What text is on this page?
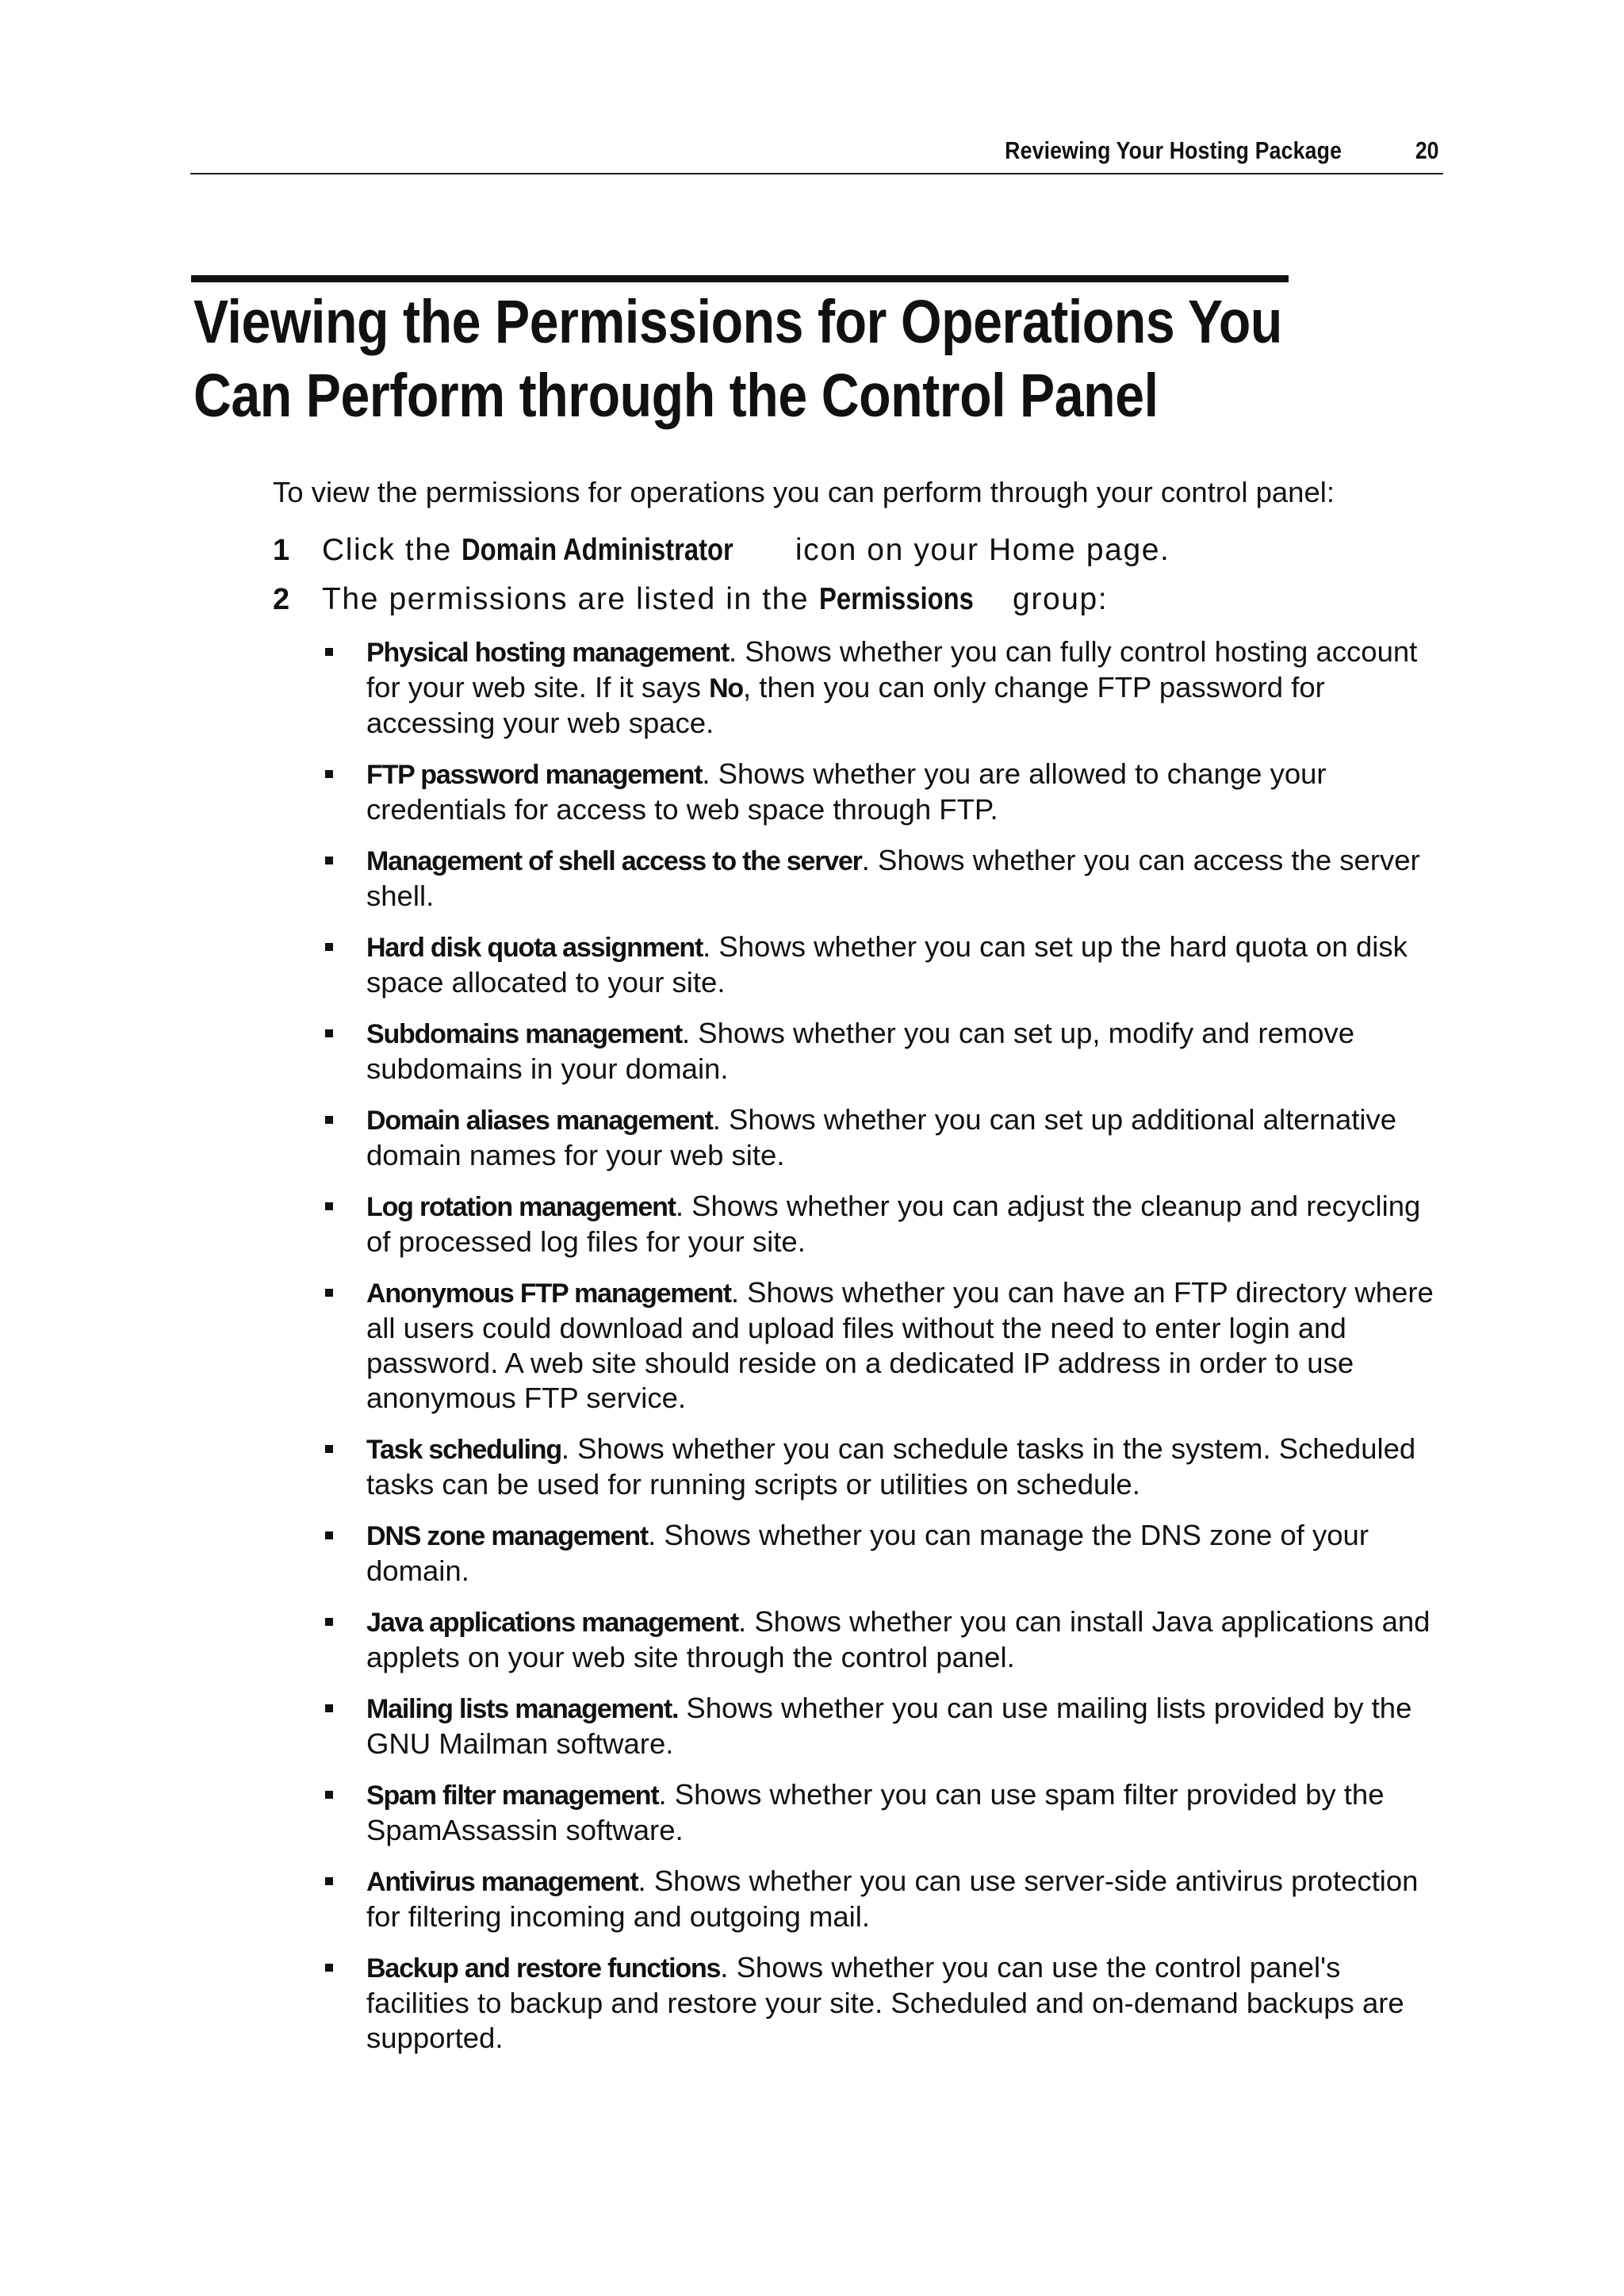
Reviewing Your Hosting Package	20
Viewing the Permissions for Operations You
Can Perform through the Control Panel
To view the permissions for operations you can perform through your control panel:
1 Click the Domain Administrator icon on your Home page.
2 The permissions are listed in the Permissions group:
Physical hosting management. Shows whether you can fully control hosting account for your web site. If it says No, then you can only change FTP password for accessing your web space.
FTP password management. Shows whether you are allowed to change your credentials for access to web space through FTP.
Management of shell access to the server. Shows whether you can access the server shell.
Hard disk quota assignment. Shows whether you can set up the hard quota on disk space allocated to your site.
Subdomains management. Shows whether you can set up, modify and remove subdomains in your domain.
Domain aliases management. Shows whether you can set up additional alternative domain names for your web site.
Log rotation management. Shows whether you can adjust the cleanup and recycling of processed log files for your site.
Anonymous FTP management. Shows whether you can have an FTP directory where all users could download and upload files without the need to enter login and password. A web site should reside on a dedicated IP address in order to use anonymous FTP service.
Task scheduling. Shows whether you can schedule tasks in the system. Scheduled tasks can be used for running scripts or utilities on schedule.
DNS zone management. Shows whether you can manage the DNS zone of your domain.
Java applications management. Shows whether you can install Java applications and applets on your web site through the control panel.
Mailing lists management. Shows whether you can use mailing lists provided by the GNU Mailman software.
Spam filter management. Shows whether you can use spam filter provided by the SpamAssassin software.
Antivirus management. Shows whether you can use server-side antivirus protection for filtering incoming and outgoing mail.
Backup and restore functions. Shows whether you can use the control panel's facilities to backup and restore your site. Scheduled and on-demand backups are supported.
